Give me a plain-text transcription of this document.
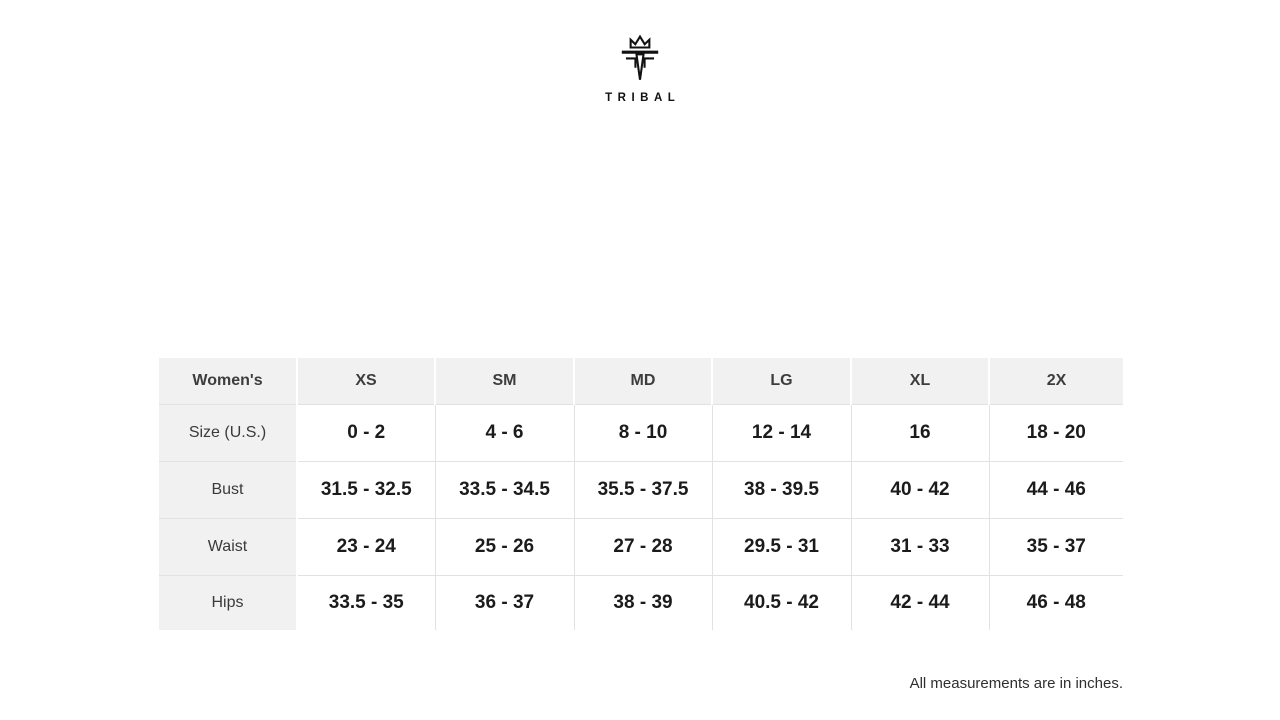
TRIBAL
Women's	XS	SM	MD	LG	XL	2X
Size (U.S.)	0 - 2	4 - 6	8 - 10	12 - 14	16	18 - 20
Bust	31.5 - 32.5	33.5 - 34.5	35.5 - 37.5	38 - 39.5	40 - 42	44 - 46
Waist	23 - 24	25 - 26	27 - 28	29.5 - 31	31 - 33	35 - 37
Hips	33.5 - 35	36 - 37	38 - 39	40.5 - 42	42 - 44	46 - 48
All measurements are in inches.
